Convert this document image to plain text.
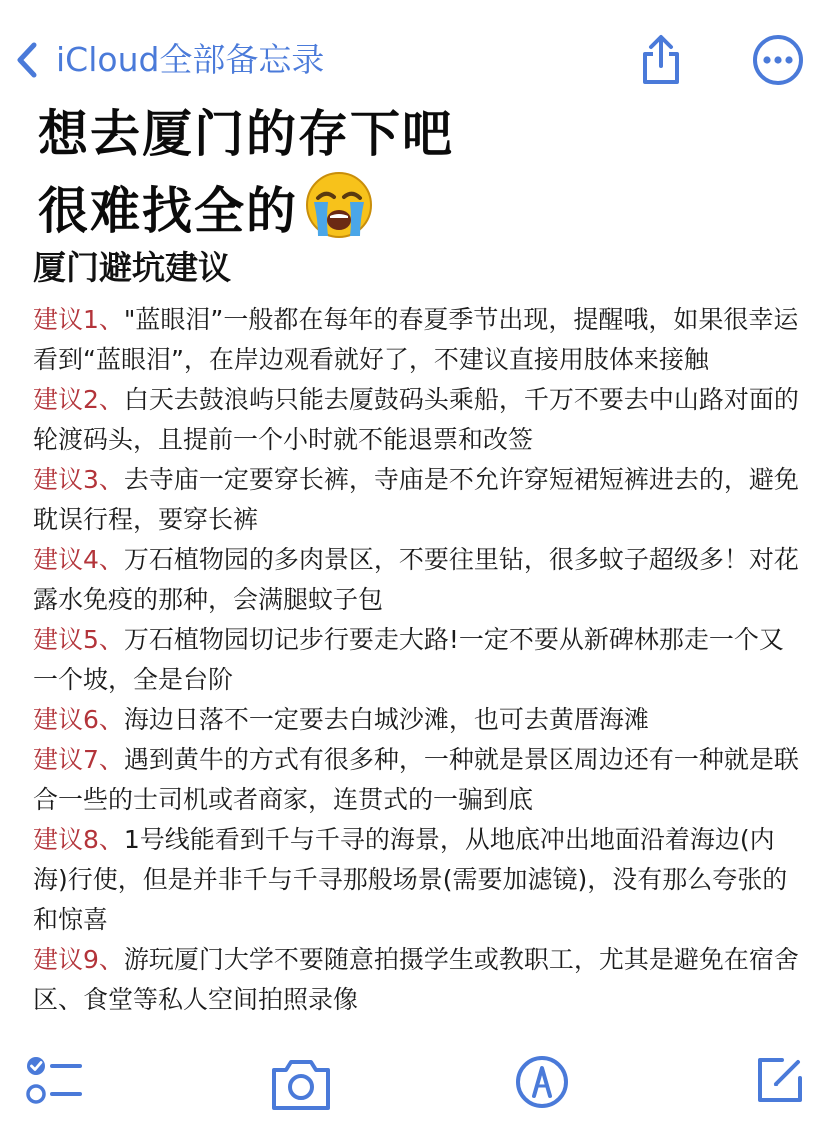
iCloud全部备忘录
想去厦门的存下吧
很难找全的
厦门避坑建议
建议1、"蓝眼泪”一般都在每年的春夏季节出现，提醒哦，如果很幸运看到“蓝眼泪”，在岸边观看就好了，不建议直接用肢体来接触
建议2、白天去鼓浪屿只能去厦鼓码头乘船，千万不要去中山路对面的轮渡码头，且提前一个小时就不能退票和改签
建议3、去寺庙一定要穿长裤，寺庙是不允许穿短裙短裤进去的，避免耽误行程，要穿长裤
建议4、万石植物园的多肉景区，不要往里钻，很多蚊子超级多！对花露水免疫的那种，会满腿蚊子包
建议5、万石植物园切记步行要走大路!一定不要从新碑林那走一个又一个坡，全是台阶
建议6、海边日落不一定要去白城沙滩，也可去黄厝海滩
建议7、遇到黄牛的方式有很多种，一种就是景区周边还有一种就是联合一些的士司机或者商家，连贯式的一骗到底
建议8、1号线能看到千与千寻的海景，从地底冲出地面沿着海边(内海)行使，但是并非千与千寻那般场景(需要加滤镜)，没有那么夸张的和惊喜
建议9、游玩厦门大学不要随意拍摄学生或教职工，尤其是避免在宿舍区、食堂等私人空间拍照录像
